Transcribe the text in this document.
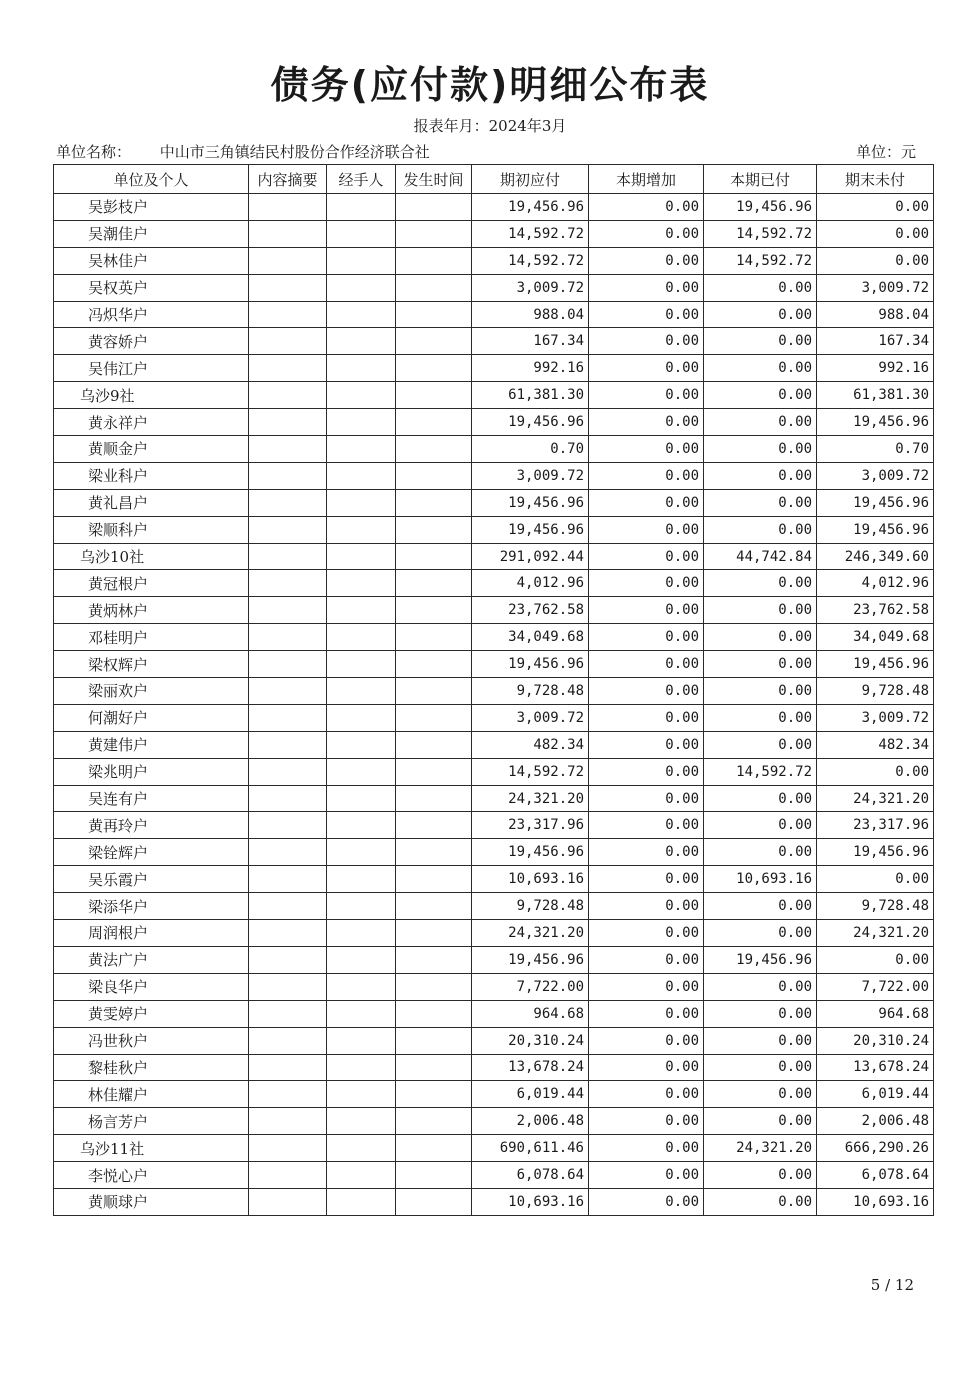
债务(应付款)明细公布表
报表年月：2024年3月
单位名称： 中山市三角镇结民村股份合作经济联合社	单位：元
单位及个人	内容摘要	经手人	发生时间	期初应付	本期增加	本期已付	期末未付
吴彭枝户				19,456.96	0.00	19,456.96	0.00
吴潮佳户				14,592.72	0.00	14,592.72	0.00
吴林佳户				14,592.72	0.00	14,592.72	0.00
吴权英户				3,009.72	0.00	0.00	3,009.72
冯炽华户				988.04	0.00	0.00	988.04
黄容娇户				167.34	0.00	0.00	167.34
吴伟江户				992.16	0.00	0.00	992.16
乌沙9社				61,381.30	0.00	0.00	61,381.30
黄永祥户				19,456.96	0.00	0.00	19,456.96
黄顺金户				0.70	0.00	0.00	0.70
梁业科户				3,009.72	0.00	0.00	3,009.72
黄礼昌户				19,456.96	0.00	0.00	19,456.96
梁顺科户				19,456.96	0.00	0.00	19,456.96
乌沙10社				291,092.44	0.00	44,742.84	246,349.60
黄冠根户				4,012.96	0.00	0.00	4,012.96
黄炳林户				23,762.58	0.00	0.00	23,762.58
邓桂明户				34,049.68	0.00	0.00	34,049.68
梁权辉户				19,456.96	0.00	0.00	19,456.96
梁丽欢户				9,728.48	0.00	0.00	9,728.48
何潮好户				3,009.72	0.00	0.00	3,009.72
黄建伟户				482.34	0.00	0.00	482.34
梁兆明户				14,592.72	0.00	14,592.72	0.00
吴连有户				24,321.20	0.00	0.00	24,321.20
黄再玲户				23,317.96	0.00	0.00	23,317.96
梁铨辉户				19,456.96	0.00	0.00	19,456.96
吴乐霞户				10,693.16	0.00	10,693.16	0.00
梁添华户				9,728.48	0.00	0.00	9,728.48
周润根户				24,321.20	0.00	0.00	24,321.20
黄法广户				19,456.96	0.00	19,456.96	0.00
梁良华户				7,722.00	0.00	0.00	7,722.00
黄雯婷户				964.68	0.00	0.00	964.68
冯世秋户				20,310.24	0.00	0.00	20,310.24
黎桂秋户				13,678.24	0.00	0.00	13,678.24
林佳耀户				6,019.44	0.00	0.00	6,019.44
杨言芳户				2,006.48	0.00	0.00	2,006.48
乌沙11社				690,611.46	0.00	24,321.20	666,290.26
李悦心户				6,078.64	0.00	0.00	6,078.64
黄顺球户				10,693.16	0.00	0.00	10,693.16
5 / 12
